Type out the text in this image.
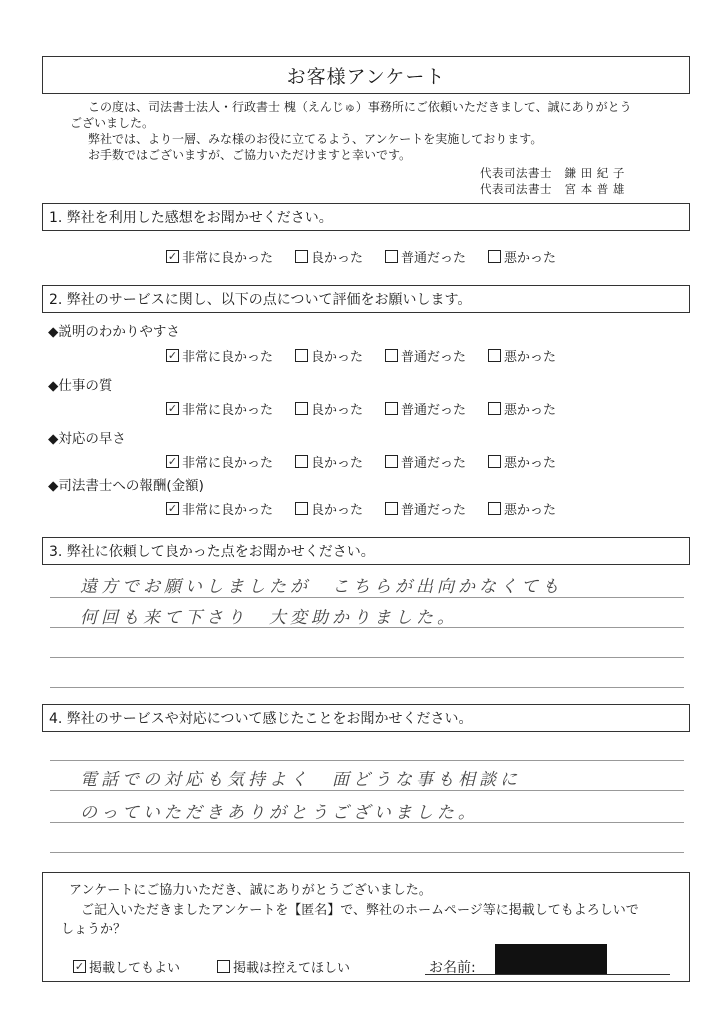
お客様アンケート
この度は、司法書士法人・行政書士 槐（えんじゅ）事務所にご依頼いただきまして、誠にありがとう
ございました。
弊社では、より一層、みな様のお役に立てるよう、アンケートを実施しております。
お手数ではございますが、ご協力いただけますと幸いです。
代表司法書士 鎌 田 紀 子
代表司法書士 宮 本 普 雄
1. 弊社を利用した感想をお聞かせください。
✓ 非常に良かった	良かった	普通だった	悪かった
2. 弊社のサービスに関し、以下の点について評価をお願いします。
◆説明のわかりやすさ
✓ 非常に良かった	良かった	普通だった	悪かった
◆仕事の質
✓ 非常に良かった	良かった	普通だった	悪かった
◆対応の早さ
✓ 非常に良かった	良かった	普通だった	悪かった
◆司法書士への報酬(金額)
✓ 非常に良かった	良かった	普通だった	悪かった
3. 弊社に依頼して良かった点をお聞かせください。
遠方でお願いしましたが　こちらが出向かなくても
何回も来て下さり　大変助かりました。
4. 弊社のサービスや対応について感じたことをお聞かせください。
電話での対応も気持よく　面どうな事も相談に
のっていただきありがとうございました。
アンケートにご協力いただき、誠にありがとうございました。
ご記入いただきましたアンケートを【匿名】で、弊社のホームページ等に掲載してもよろしいで
しょうか？
✓ 掲載してもよい	掲載は控えてほしい	お名前:
